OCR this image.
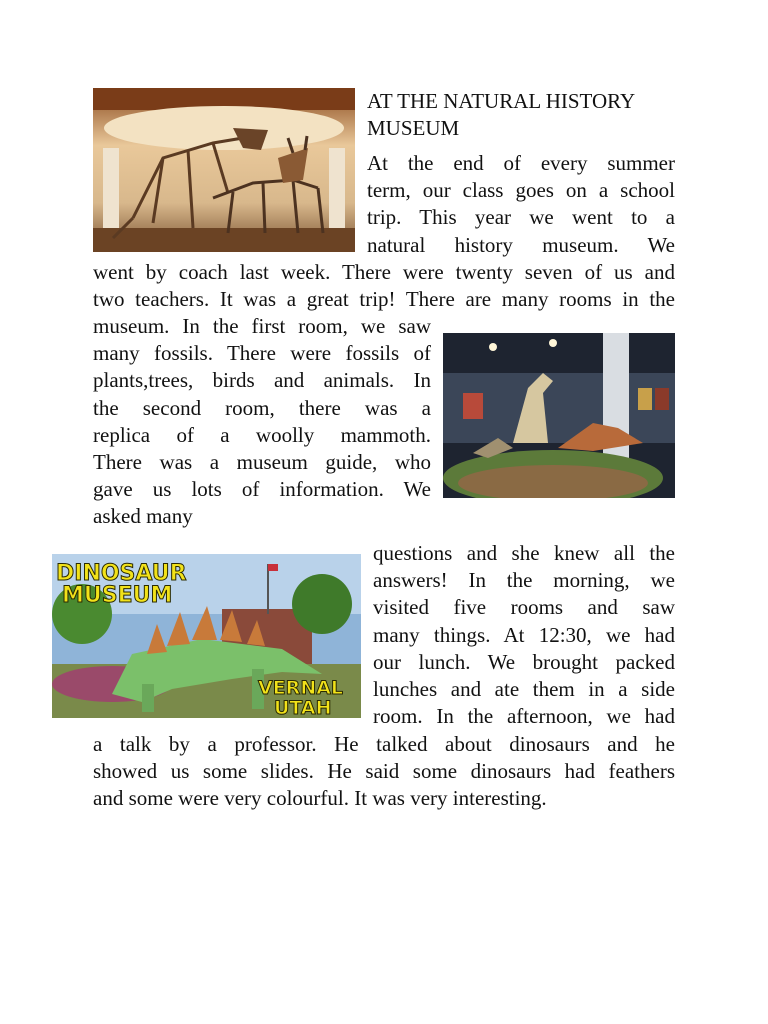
AT THE NATURAL HISTORY MUSEUM
At the end of every summer
term, our class goes on a school
trip. This year we went to a
natural history museum. We
went by coach last week. There were twenty seven of us and
two teachers. It was a great trip! There are many rooms in the
museum. In the first room, we saw
many fossils. There were fossils of
plants,trees, birds and animals. In
the second room, there was a
replica of a woolly mammoth.
There was a museum guide, who
gave us lots of information. We
asked many
DINOSAUR
MUSEUM
VERNAL
UTAH
questions and she knew all the
answers! In the morning, we
visited five rooms and saw
many things. At 12:30, we had
our lunch. We brought packed
lunches and ate them in a side
room. In the afternoon, we had
a talk by a professor. He talked about dinosaurs and he
showed us some slides. He said some dinosaurs had feathers
and some were very colourful. It was very interesting.
